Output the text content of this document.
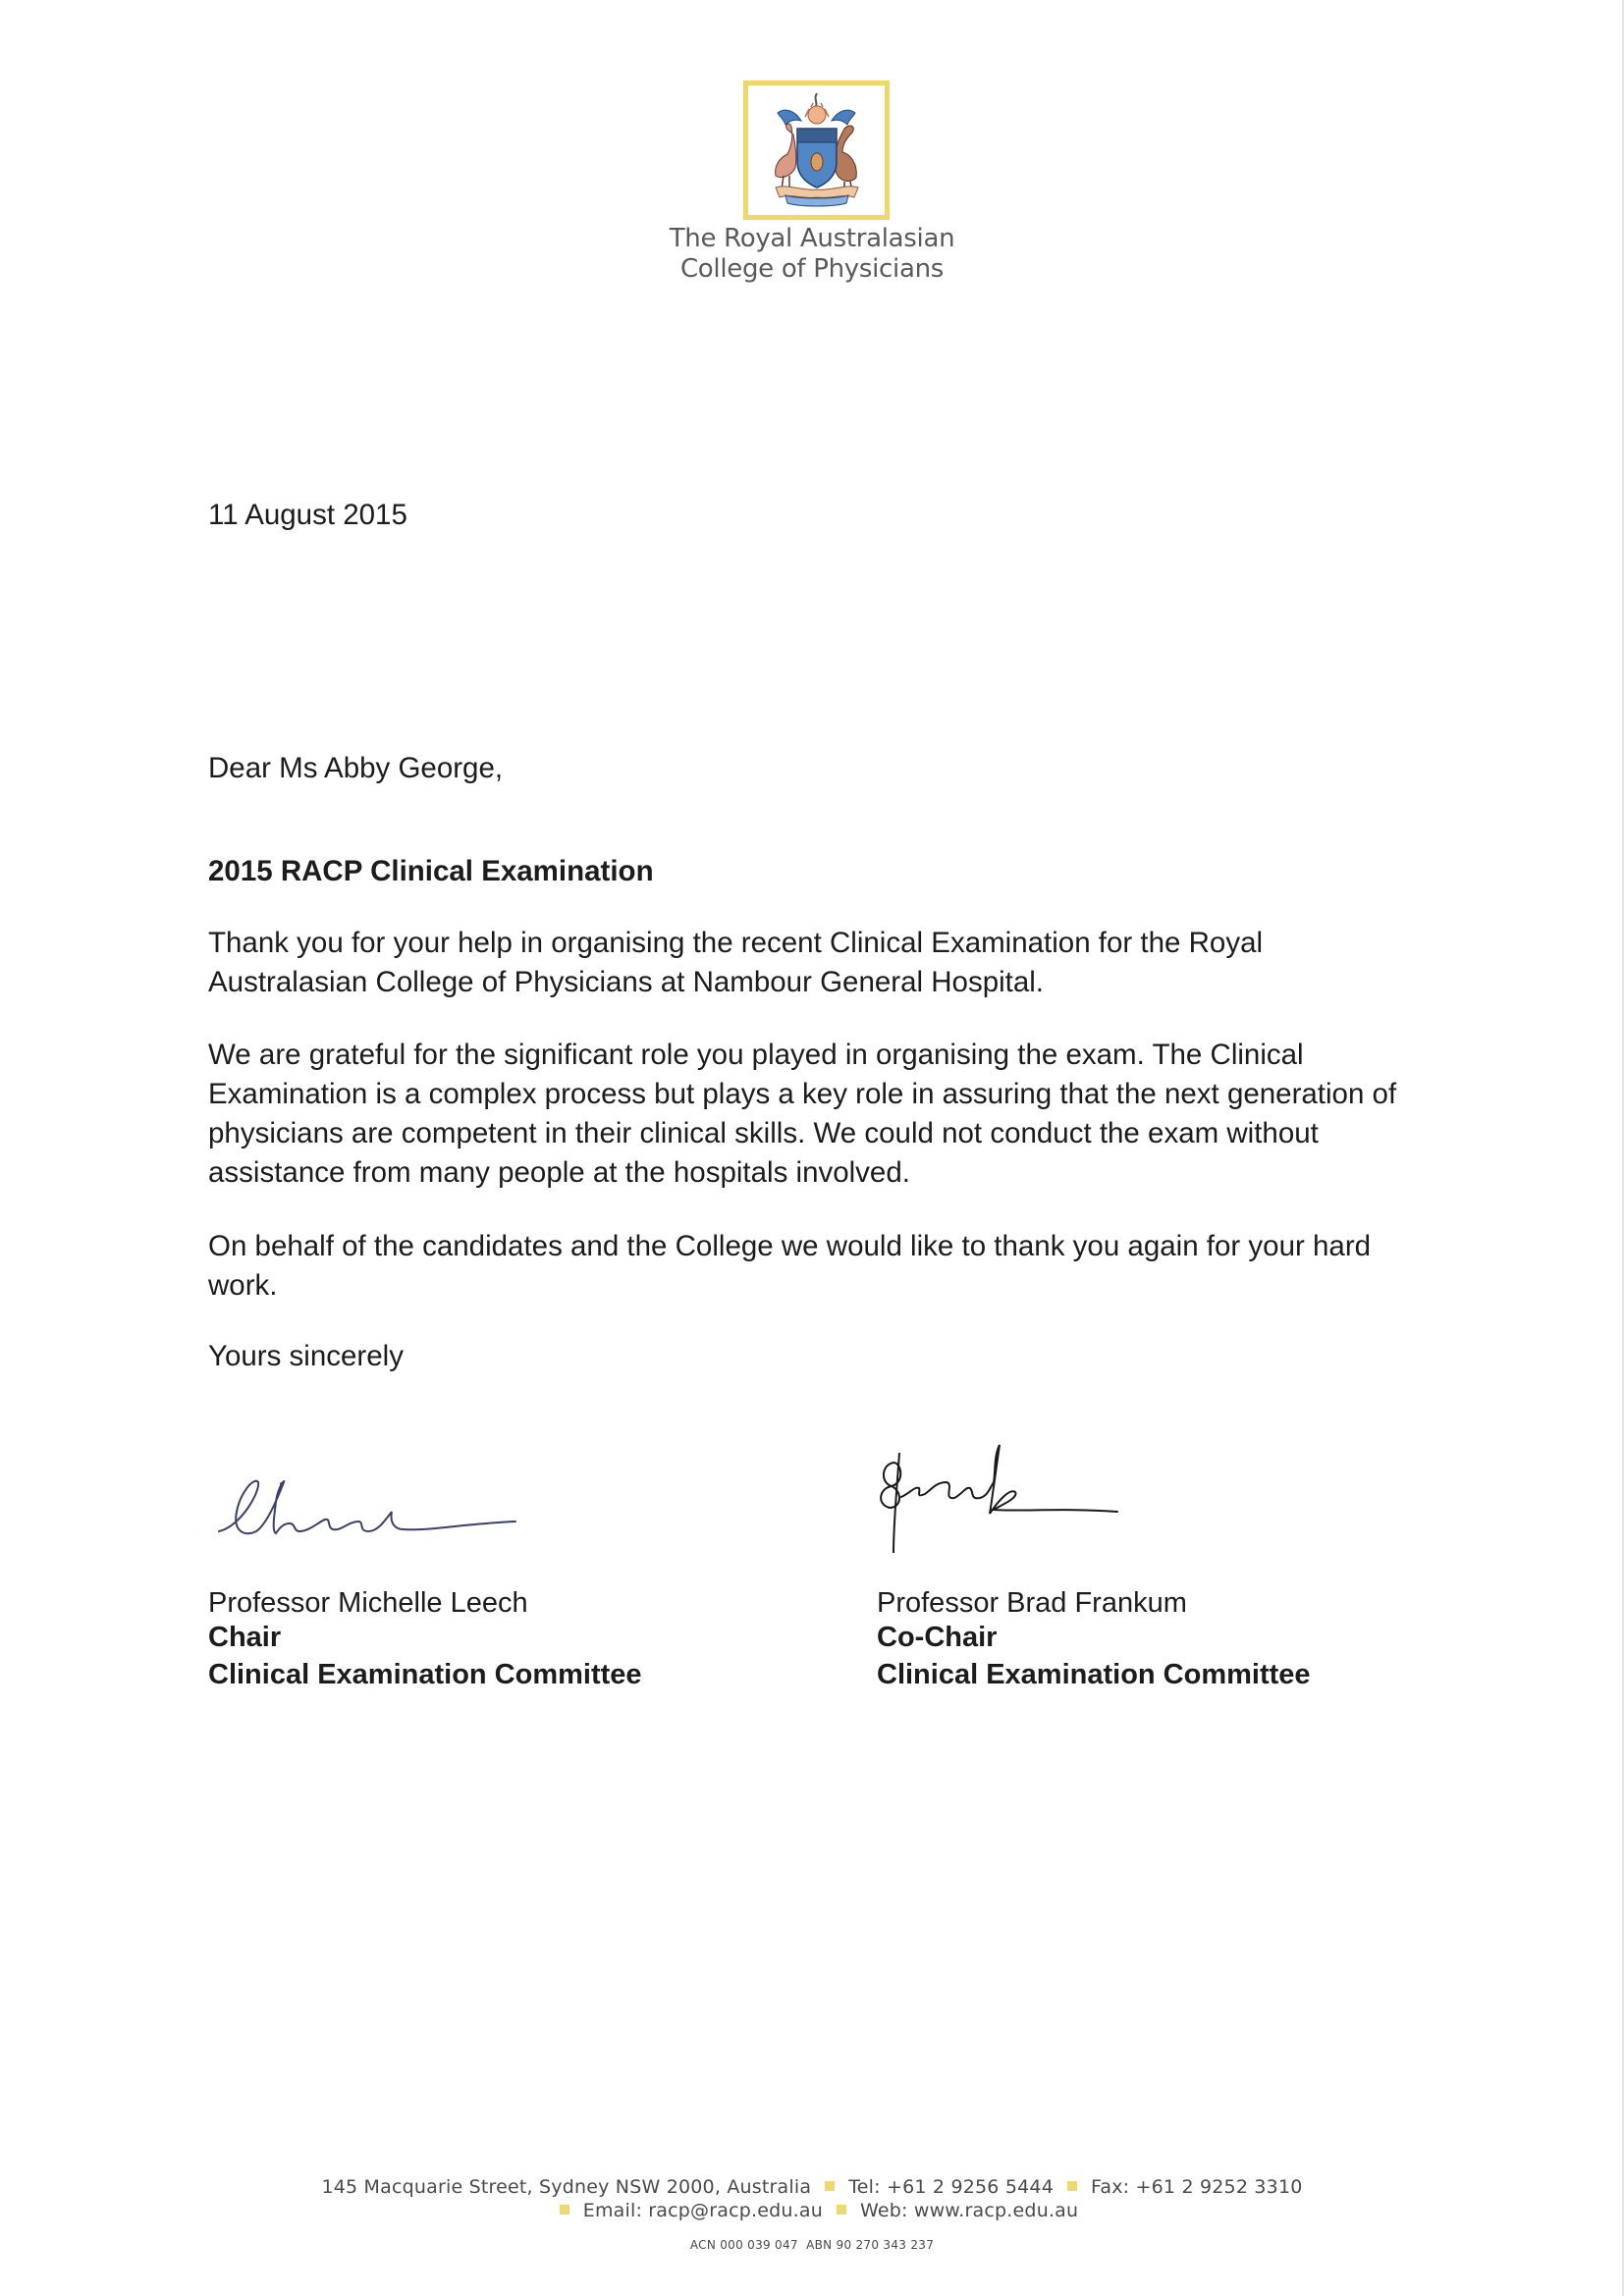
The Royal Australasian
College of Physicians
11 August 2015
Dear Ms Abby George,
2015 RACP Clinical Examination
Thank you for your help in organising the recent Clinical Examination for the Royal
Australasian College of Physicians at Nambour General Hospital.
We are grateful for the significant role you played in organising the exam. The Clinical
Examination is a complex process but plays a key role in assuring that the next generation of
physicians are competent in their clinical skills. We could not conduct the exam without
assistance from many people at the hospitals involved.
On behalf of the candidates and the College we would like to thank you again for your hard
work.
Yours sincerely
Professor Michelle Leech
Chair
Clinical Examination Committee
Professor Brad Frankum
Co-Chair
Clinical Examination Committee
145 Macquarie Street, Sydney NSW 2000, Australia Tel: +61 2 9256 5444 Fax: +61 2 9252 3310
Email: racp@racp.edu.au Web: www.racp.edu.au
ACN 000 039 047  ABN 90 270 343 237
